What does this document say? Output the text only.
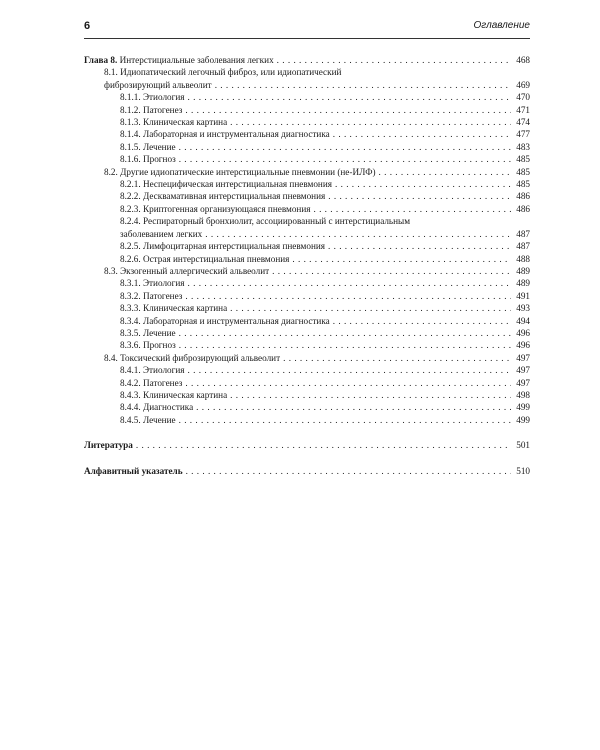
6	Оглавление
Глава 8. Интерстициальные заболевания легких . . .	468
8.1. Идиопатический легочный фиброз, или идиопатический
фиброзирующий альвеолит . . .	469
8.1.1. Этиология . . .	470
8.1.2. Патогенез . . .	471
8.1.3. Клиническая картина . . .	474
8.1.4. Лабораторная и инструментальная диагностика . . .	477
8.1.5. Лечение . . .	483
8.1.6. Прогноз . . .	485
8.2. Другие идиопатические интерстициальные пневмонии (не-ИЛФ) . . .	485
8.2.1. Неспецифическая интерстициальная пневмония . . .	485
8.2.2. Десквамативная интерстициальная пневмония . . .	486
8.2.3. Криптогенная организующаяся пневмония . . .	486
8.2.4. Респираторный бронхиолит, ассоциированный с интерстициальным
заболеванием легких . . .	487
8.2.5. Лимфоцитарная интерстициальная пневмония . . .	487
8.2.6. Острая интерстициальная пневмония . . .	488
8.3. Экзогенный аллергический альвеолит . . .	489
8.3.1. Этиология . . .	489
8.3.2. Патогенез . . .	491
8.3.3. Клиническая картина . . .	493
8.3.4. Лабораторная и инструментальная диагностика . . .	494
8.3.5. Лечение . . .	496
8.3.6. Прогноз . . .	496
8.4. Токсический фиброзирующий альвеолит . . .	497
8.4.1. Этиология . . .	497
8.4.2. Патогенез . . .	497
8.4.3. Клиническая картина . . .	498
8.4.4. Диагностика . . .	499
8.4.5. Лечение . . .	499
Литература . . .	501
Алфавитный указатель . . .	510
